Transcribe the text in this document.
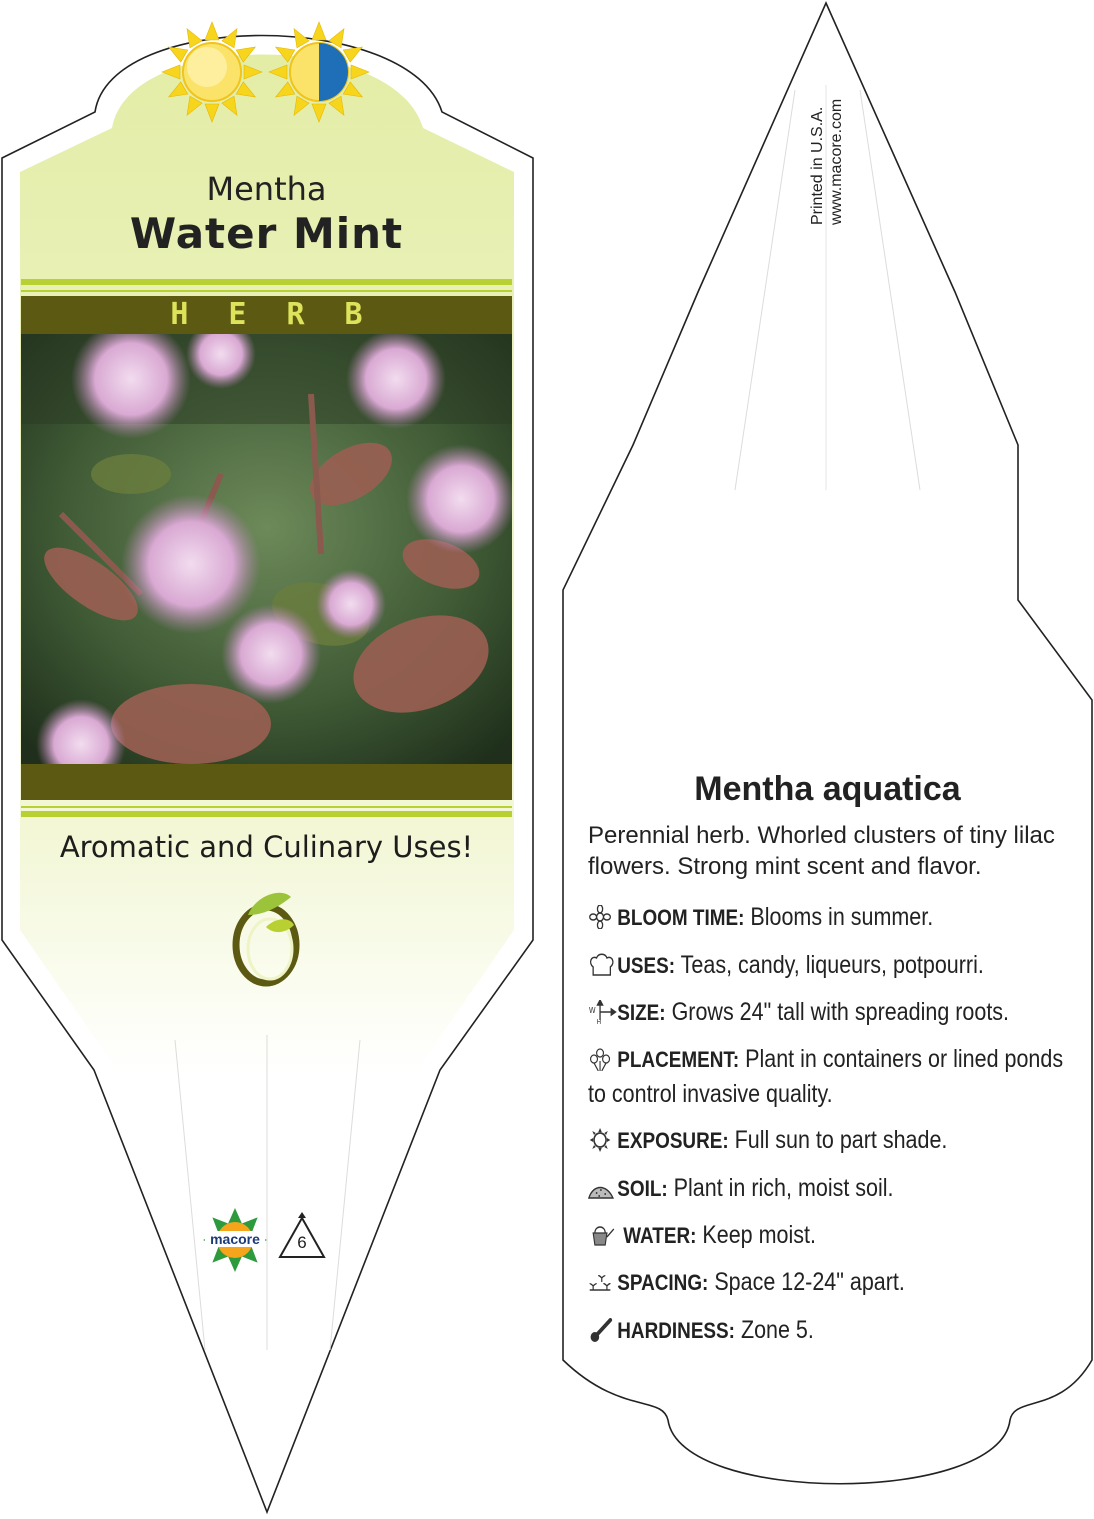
Mentha
Water Mint
HERB
Aromatic and Culinary Uses!
macore	6
Printed in U.S.A. www.macore.com
Mentha aquatica
Perennial herb. Whorled clusters of tiny lilac flowers. Strong mint scent and flavor.
BLOOM TIME: Blooms in summer.
USES: Teas, candy, liqueurs, potpourri.
W
H SIZE: Grows 24" tall with spreading roots.
PLACEMENT: Plant in containers or lined ponds to control invasive quality.
EXPOSURE: Full sun to part shade.
SOIL: Plant in rich, moist soil.
WATER: Keep moist.
SPACING: Space 12-24" apart.
HARDINESS: Zone 5.
